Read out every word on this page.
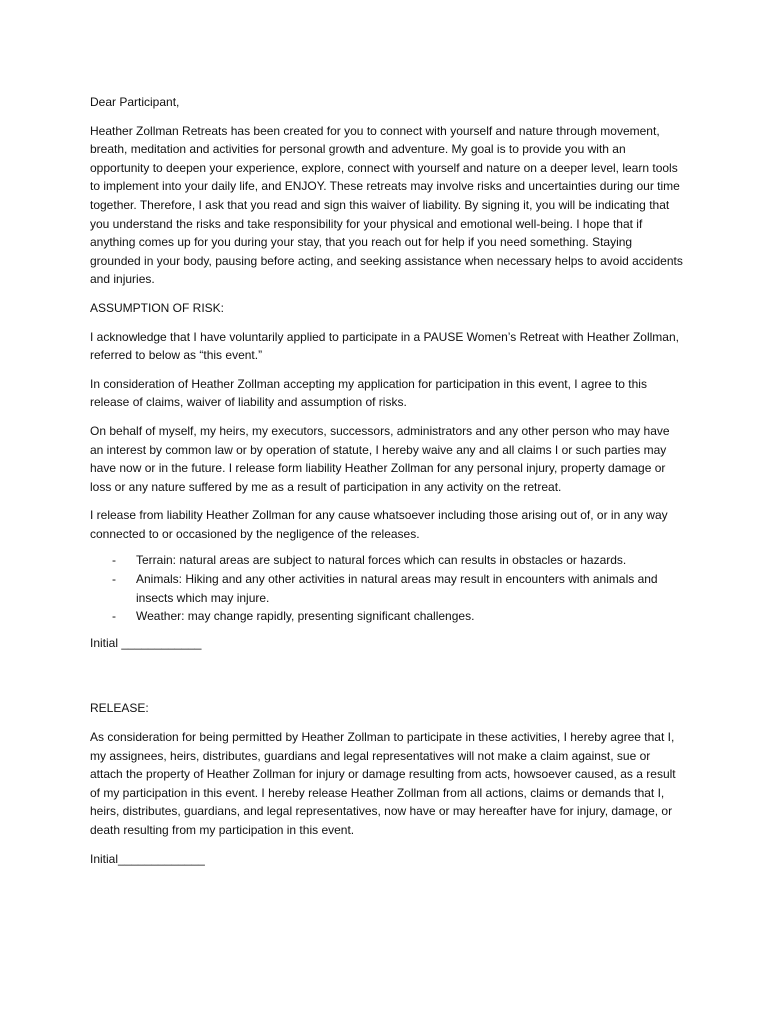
Dear Participant,

Heather Zollman Retreats has been created for you to connect with yourself and nature through movement, breath, meditation and activities for personal growth and adventure. My goal is to provide you with an opportunity to deepen your experience, explore, connect with yourself and nature on a deeper level, learn tools to implement into your daily life, and ENJOY. These retreats may involve risks and uncertainties during our time together. Therefore, I ask that you read and sign this waiver of liability. By signing it, you will be indicating that you understand the risks and take responsibility for your physical and emotional well-being. I hope that if anything comes up for you during your stay, that you reach out for help if you need something. Staying grounded in your body, pausing before acting, and seeking assistance when necessary helps to avoid accidents and injuries.

ASSUMPTION OF RISK:

I acknowledge that I have voluntarily applied to participate in a PAUSE Women’s Retreat with Heather Zollman, referred to below as “this event.”

In consideration of Heather Zollman accepting my application for participation in this event, I agree to this release of claims, waiver of liability and assumption of risks.

On behalf of myself, my heirs, my executors, successors, administrators and any other person who may have an interest by common law or by operation of statute, I hereby waive any and all claims I or such parties may have now or in the future. I release form liability Heather Zollman for any personal injury, property damage or loss or any nature suffered by me as a result of participation in any activity on the retreat.

I release from liability Heather Zollman for any cause whatsoever including those arising out of, or in any way connected to or occasioned by the negligence of the releases.

- Terrain: natural areas are subject to natural forces which can results in obstacles or hazards.
- Animals: Hiking and any other activities in natural areas may result in encounters with animals and insects which may injure.
- Weather: may change rapidly, presenting significant challenges.

Initial ____________

RELEASE:

As consideration for being permitted by Heather Zollman to participate in these activities, I hereby agree that I, my assignees, heirs, distributes, guardians and legal representatives will not make a claim against, sue or attach the property of Heather Zollman for injury or damage resulting from acts, howsoever caused, as a result of my participation in this event. I hereby release Heather Zollman from all actions, claims or demands that I, heirs, distributes, guardians, and legal representatives, now have or may hereafter have for injury, damage, or death resulting from my participation in this event.

Initial_____________
